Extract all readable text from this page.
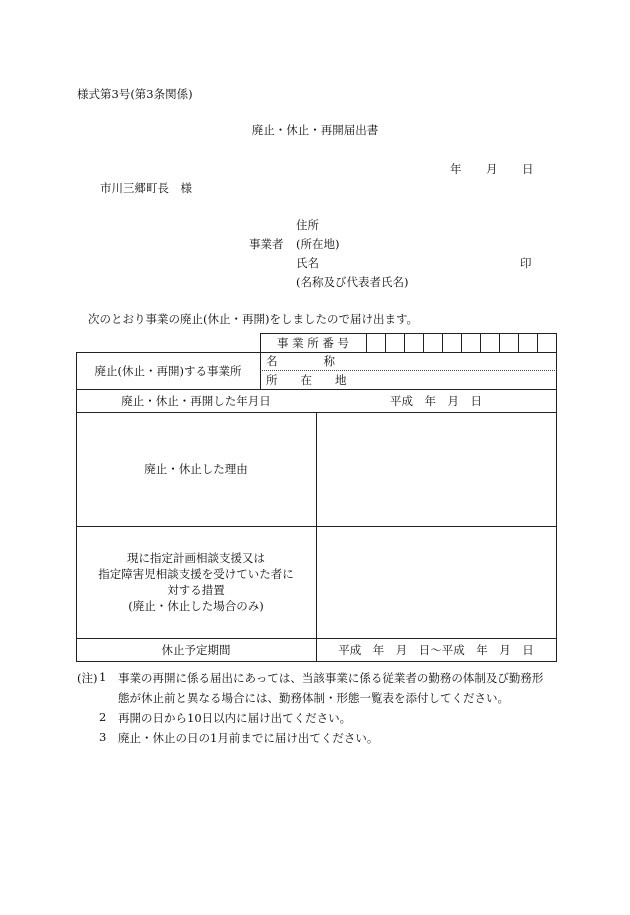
様式第3号(第3条関係)
廃止・休止・再開届出書
年 月 日
市川三郷町長　様
住所
事業者 (所在地)
氏名	印
(名称及び代表者氏名)
次のとおり事業の廃止(休止・再開)をしましたので届け出ます。
事 業 所 番 号
廃止(休止・再開)する事業所
名　　　　称
所　　在　　地
廃止・休止・再開した年月日	平成　年　月　日
廃止・休止した理由
現に指定計画相談支援又は
指定障害児相談支援を受けていた者に
対する措置
(廃止・休止した場合のみ)
休止予定期間	平成　年　月　日〜平成　年　月　日
(注) 1 事業の再開に係る届出にあっては、当該事業に係る従業者の勤務の体制及び勤務形
態が休止前と異なる場合には、勤務体制・形態一覧表を添付してください。
2 再開の日から10日以内に届け出てください。
3 廃止・休止の日の1月前までに届け出てください。
